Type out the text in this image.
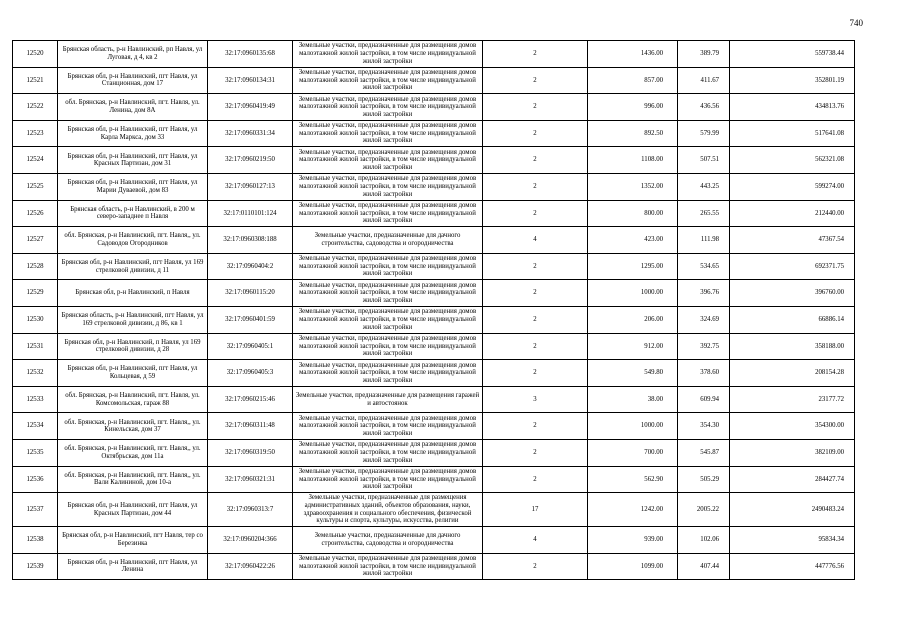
740
12520	Брянская область, р-н Навлинский, рп Навля, ул Луговая, д 4, кв 2	32:17:0960135:68	Земельные участки, предназначенные для размещения домов малоэтажной жилой застройки, в том числе индивидуальной жилой застройки	2	1436.00	389.79	559738.44
12521	Брянская обл, р-н Навлинский, пгт Навля, ул Станционная, дом 17	32:17:0960134:31	Земельные участки, предназначенные для размещения домов малоэтажной жилой застройки, в том числе индивидуальной жилой застройки	2	857.00	411.67	352801.19
12522	обл. Брянская, р-н Навлинский, пгт. Навля, ул. Ленина, дом 8А	32:17:0960419:49	Земельные участки, предназначенные для размещения домов малоэтажной жилой застройки, в том числе индивидуальной жилой застройки	2	996.00	436.56	434813.76
12523	Брянская обл, р-н Навлинский, пгт Навля, ул Карла Маркса, дом 33	32:17:0960331:34	Земельные участки, предназначенные для размещения домов малоэтажной жилой застройки, в том числе индивидуальной жилой застройки	2	892.50	579.99	517641.08
12524	Брянская обл, р-н Навлинский, пгт Навля, ул Красных Партизан, дом 31	32:17:0960219:50	Земельные участки, предназначенные для размещения домов малоэтажной жилой застройки, в том числе индивидуальной жилой застройки	2	1108.00	507.51	562321.08
12525	Брянская обл, р-н Навлинский, пгт Навля, ул Марии Дуваевой, дом 83	32:17:0960127:13	Земельные участки, предназначенные для размещения домов малоэтажной жилой застройки, в том числе индивидуальной жилой застройки	2	1352.00	443.25	599274.00
12526	Брянская область, р-н Навлинский, в 200 м северо-западнее п Навля	32:17:0110101:124	Земельные участки, предназначенные для размещения домов малоэтажной жилой застройки, в том числе индивидуальной жилой застройки	2	800.00	265.55	212440.00
12527	обл. Брянская, р-н Навлинский, пгт. Навля,, ул. Садоводов Огородников	32:17:0960308:188	Земельные участки, предназначенные для дачного строительства, садоводства и огородничества	4	423.00	111.98	47367.54
12528	Брянская обл, р-н Навлинский, пгт Навля, ул 169 стрелковой дивизии, д 11	32:17:0960404:2	Земельные участки, предназначенные для размещения домов малоэтажной жилой застройки, в том числе индивидуальной жилой застройки	2	1295.00	534.65	692371.75
12529	Брянская обл, р-н Навлинский, п Навля	32:17:0960115:20	Земельные участки, предназначенные для размещения домов малоэтажной жилой застройки, в том числе индивидуальной жилой застройки	2	1000.00	396.76	396760.00
12530	Брянская область, р-н Навлинский, пгт Навля, ул 169 стрелковой дивизии, д 86, кв 1	32:17:0960401:59	Земельные участки, предназначенные для размещения домов малоэтажной жилой застройки, в том числе индивидуальной жилой застройки	2	206.00	324.69	66886.14
12531	Брянская обл, р-н Навлинский, п Навля, ул 169 стрелковой дивизии, д 28	32:17:0960405:1	Земельные участки, предназначенные для размещения домов малоэтажной жилой застройки, в том числе индивидуальной жилой застройки	2	912.00	392.75	358188.00
12532	Брянская обл, р-н Навлинский, пгт Навля, ул Кольцевая, д 59	32:17:0960405:3	Земельные участки, предназначенные для размещения домов малоэтажной жилой застройки, в том числе индивидуальной жилой застройки	2	549.80	378.60	208154.28
12533	обл. Брянская, р-н Навлинский, пгт. Навля, ул. Комсомольская, гараж 88	32:17:0960215:46	Земельные участки, предназначенные для размещения гаражей и автостоянок	3	38.00	609.94	23177.72
12534	обл. Брянская, р-н Навлинский, пгт. Навля,, ул. Кинельская, дом 37	32:17:0960311:48	Земельные участки, предназначенные для размещения домов малоэтажной жилой застройки, в том числе индивидуальной жилой застройки	2	1000.00	354.30	354300.00
12535	обл. Брянская, р-н Навлинский, пгт. Навля,, ул. Октябрьская, дом 11а	32:17:0960319:50	Земельные участки, предназначенные для размещения домов малоэтажной жилой застройки, в том числе индивидуальной жилой застройки	2	700.00	545.87	382109.00
12536	обл. Брянская, р-н Навлинский, пгт. Навля,, ул. Вали Калининой, дом 10-а	32:17:0960321:31	Земельные участки, предназначенные для размещения домов малоэтажной жилой застройки, в том числе индивидуальной жилой застройки	2	562.90	505.29	284427.74
12537	Брянская обл, р-н Навлинский, пгт Навля, ул Красных Партизан, дом 44	32:17:0960313:7	Земельные участки, предназначенные для размещения административных зданий, объектов образования, науки, здравоохранения и социального обеспечения, физической культуры и спорта, культуры, искусства, религии	17	1242.00	2005.22	2490483.24
12538	Брянская обл, р-н Навлинский, пгт Навля, тер со Березинка	32:17:0960204:366	Земельные участки, предназначенные для дачного строительства, садоводства и огородничества	4	939.00	102.06	95834.34
12539	Брянская обл, р-н Навлинский, пгт Навля, ул Ленина	32:17:0960422:26	Земельные участки, предназначенные для размещения домов малоэтажной жилой застройки, в том числе индивидуальной жилой застройки	2	1099.00	407.44	447776.56
